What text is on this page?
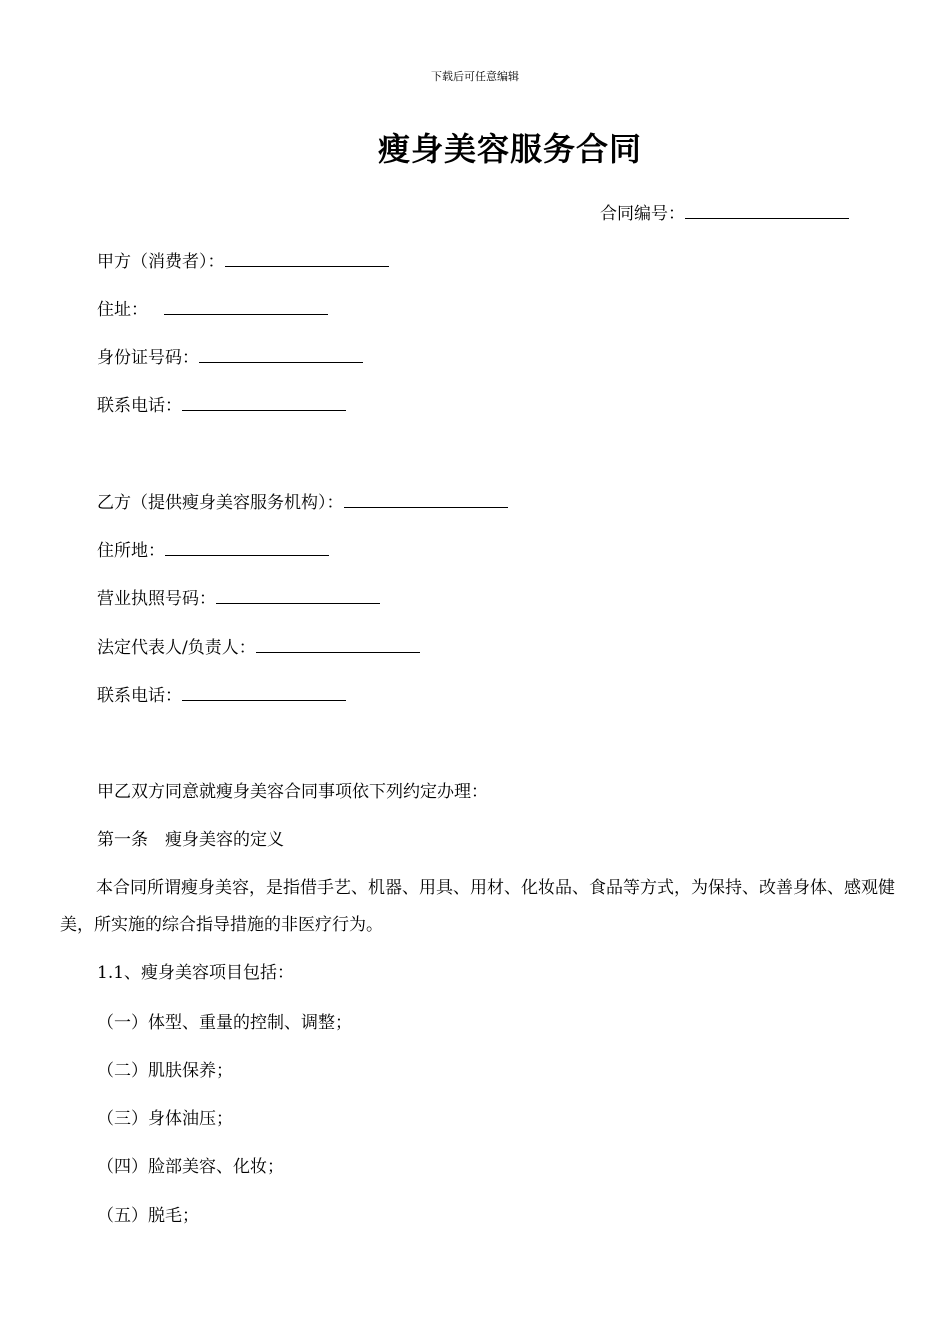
下载后可任意编辑
瘦身美容服务合同
合同编号：
甲方（消费者）：
住址：
身份证号码：
联系电话：
乙方（提供瘦身美容服务机构）：
住所地：
营业执照号码：
法定代表人/负责人：
联系电话：
甲乙双方同意就瘦身美容合同事项依下列约定办理：
第一条　瘦身美容的定义
本合同所谓瘦身美容，是指借手艺、机器、用具、用材、化妆品、食品等方式，为保持、改善身体、感观健美，所实施的综合指导措施的非医疗行为。
1.1、瘦身美容项目包括：
（一）体型、重量的控制、调整；
（二）肌肤保养；
（三）身体油压；
（四）脸部美容、化妆；
（五）脱毛；
